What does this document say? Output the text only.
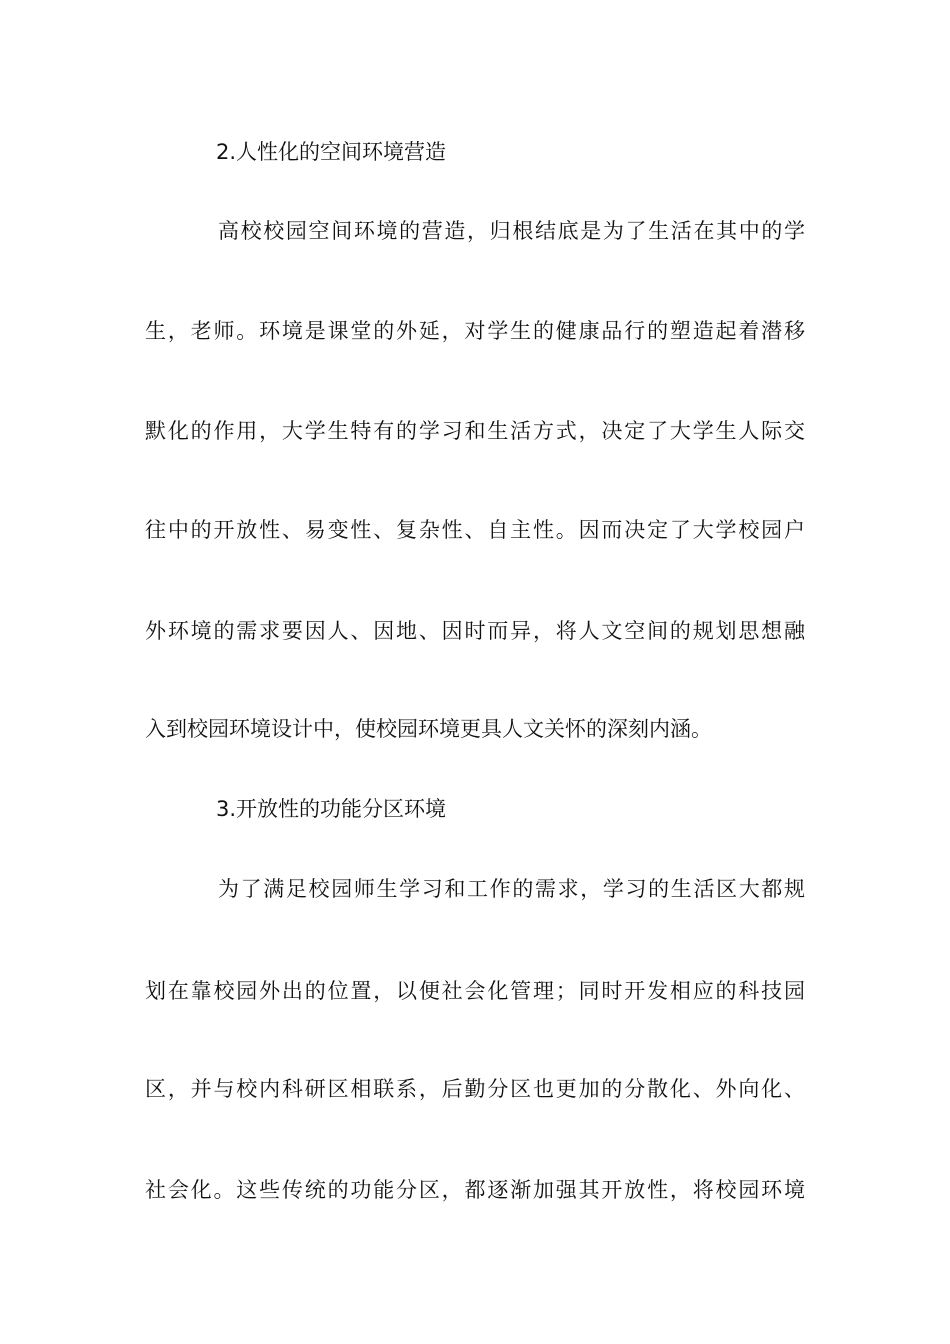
2.人性化的空间环境营造
高校校园空间环境的营造，归根结底是为了生活在其中的学
生，老师。环境是课堂的外延，对学生的健康品行的塑造起着潜移
默化的作用，大学生特有的学习和生活方式，决定了大学生人际交
往中的开放性、易变性、复杂性、自主性。因而决定了大学校园户
外环境的需求要因人、因地、因时而异，将人文空间的规划思想融
入到校园环境设计中，使校园环境更具人文关怀的深刻内涵。
3.开放性的功能分区环境
为了满足校园师生学习和工作的需求，学习的生活区大都规
划在靠校园外出的位置，以便社会化管理；同时开发相应的科技园
区，并与校内科研区相联系，后勤分区也更加的分散化、外向化、
社会化。这些传统的功能分区，都逐渐加强其开放性，将校园环境
